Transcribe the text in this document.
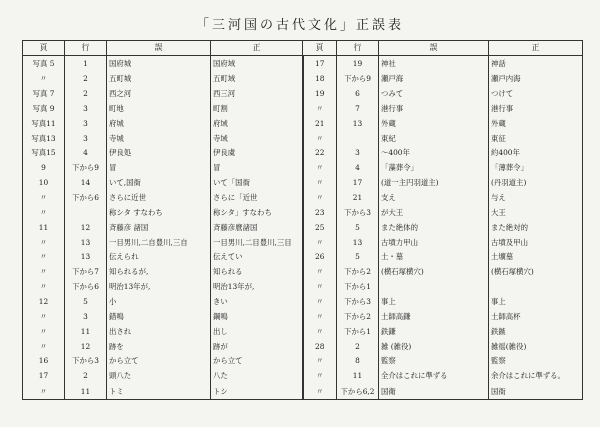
「三河国の古代文化」正誤表
頁	行	誤	正	頁	行	誤	正
写真 5	1	国府城	国府域	17	19	神社	神話
〃	2	五町城	五町域	18	下から9	瀬戸海	瀬戸内海
写真 7	2	西之河	西三河	19	6	つみて	つけて
写真 9	3	町地	町割	〃	7	港行事	港行事
写真11	3	府城	府域	21	13	外蔵	外蔵
写真13	3	寺城	寺域	〃		東紀	東征
写真15	4	伊良処	伊良虞	22	3	～400年	約400年
9	下から9	冒	冒	〃	4	「藻葬令」	「薄葬令」
10	14	いて,国衙	いて「国衙	〃	17	(道一主円羽道主)	(丹羽道主)
〃	下から6	さらに近世	さらに「近世	〃	21	支え	与え
〃		称シタ すなわち	称シタ」すなわち	23	下から3	が大王	大王
11	12	斉藤彦 諸国	斉藤彦麿諸国	25	5	また絶体的	また絶対的
〃	13	一目男川,二自豊川,三自	一目男川,二目豊川,三目	〃	13	古墳力甲山	古墳及甲山
〃	13	伝えられ	伝えてい	26	5	土・墓	土壙墓
〃	下から7	知られるが,	知られる	〃	下から2	(横石塚横穴)	(横石塚横穴)
〃	下から6	明治13年が,	明治13年が,	〃	下から1		
12	5	小	きい	〃	下から3	事上	事上
〃	3	錯鳴	鋼鳴	〃	下から2	土師高鎌	土師高杯
〃	11	出され	出し	〃	下から1	鉄鎌	鉄鏃
〃	12	跡を	跡が	28	2	雑 (雑役)	雑徭(雑役)
16	下から3	から立て	から立て	〃	8	監察	監察
17	2	頭八た	八た	〃	11	全介はこれに準ずる	余介はこれに準ずる。
〃	11	トミ	トシ	〃	下から6,2	国衛	国衙
